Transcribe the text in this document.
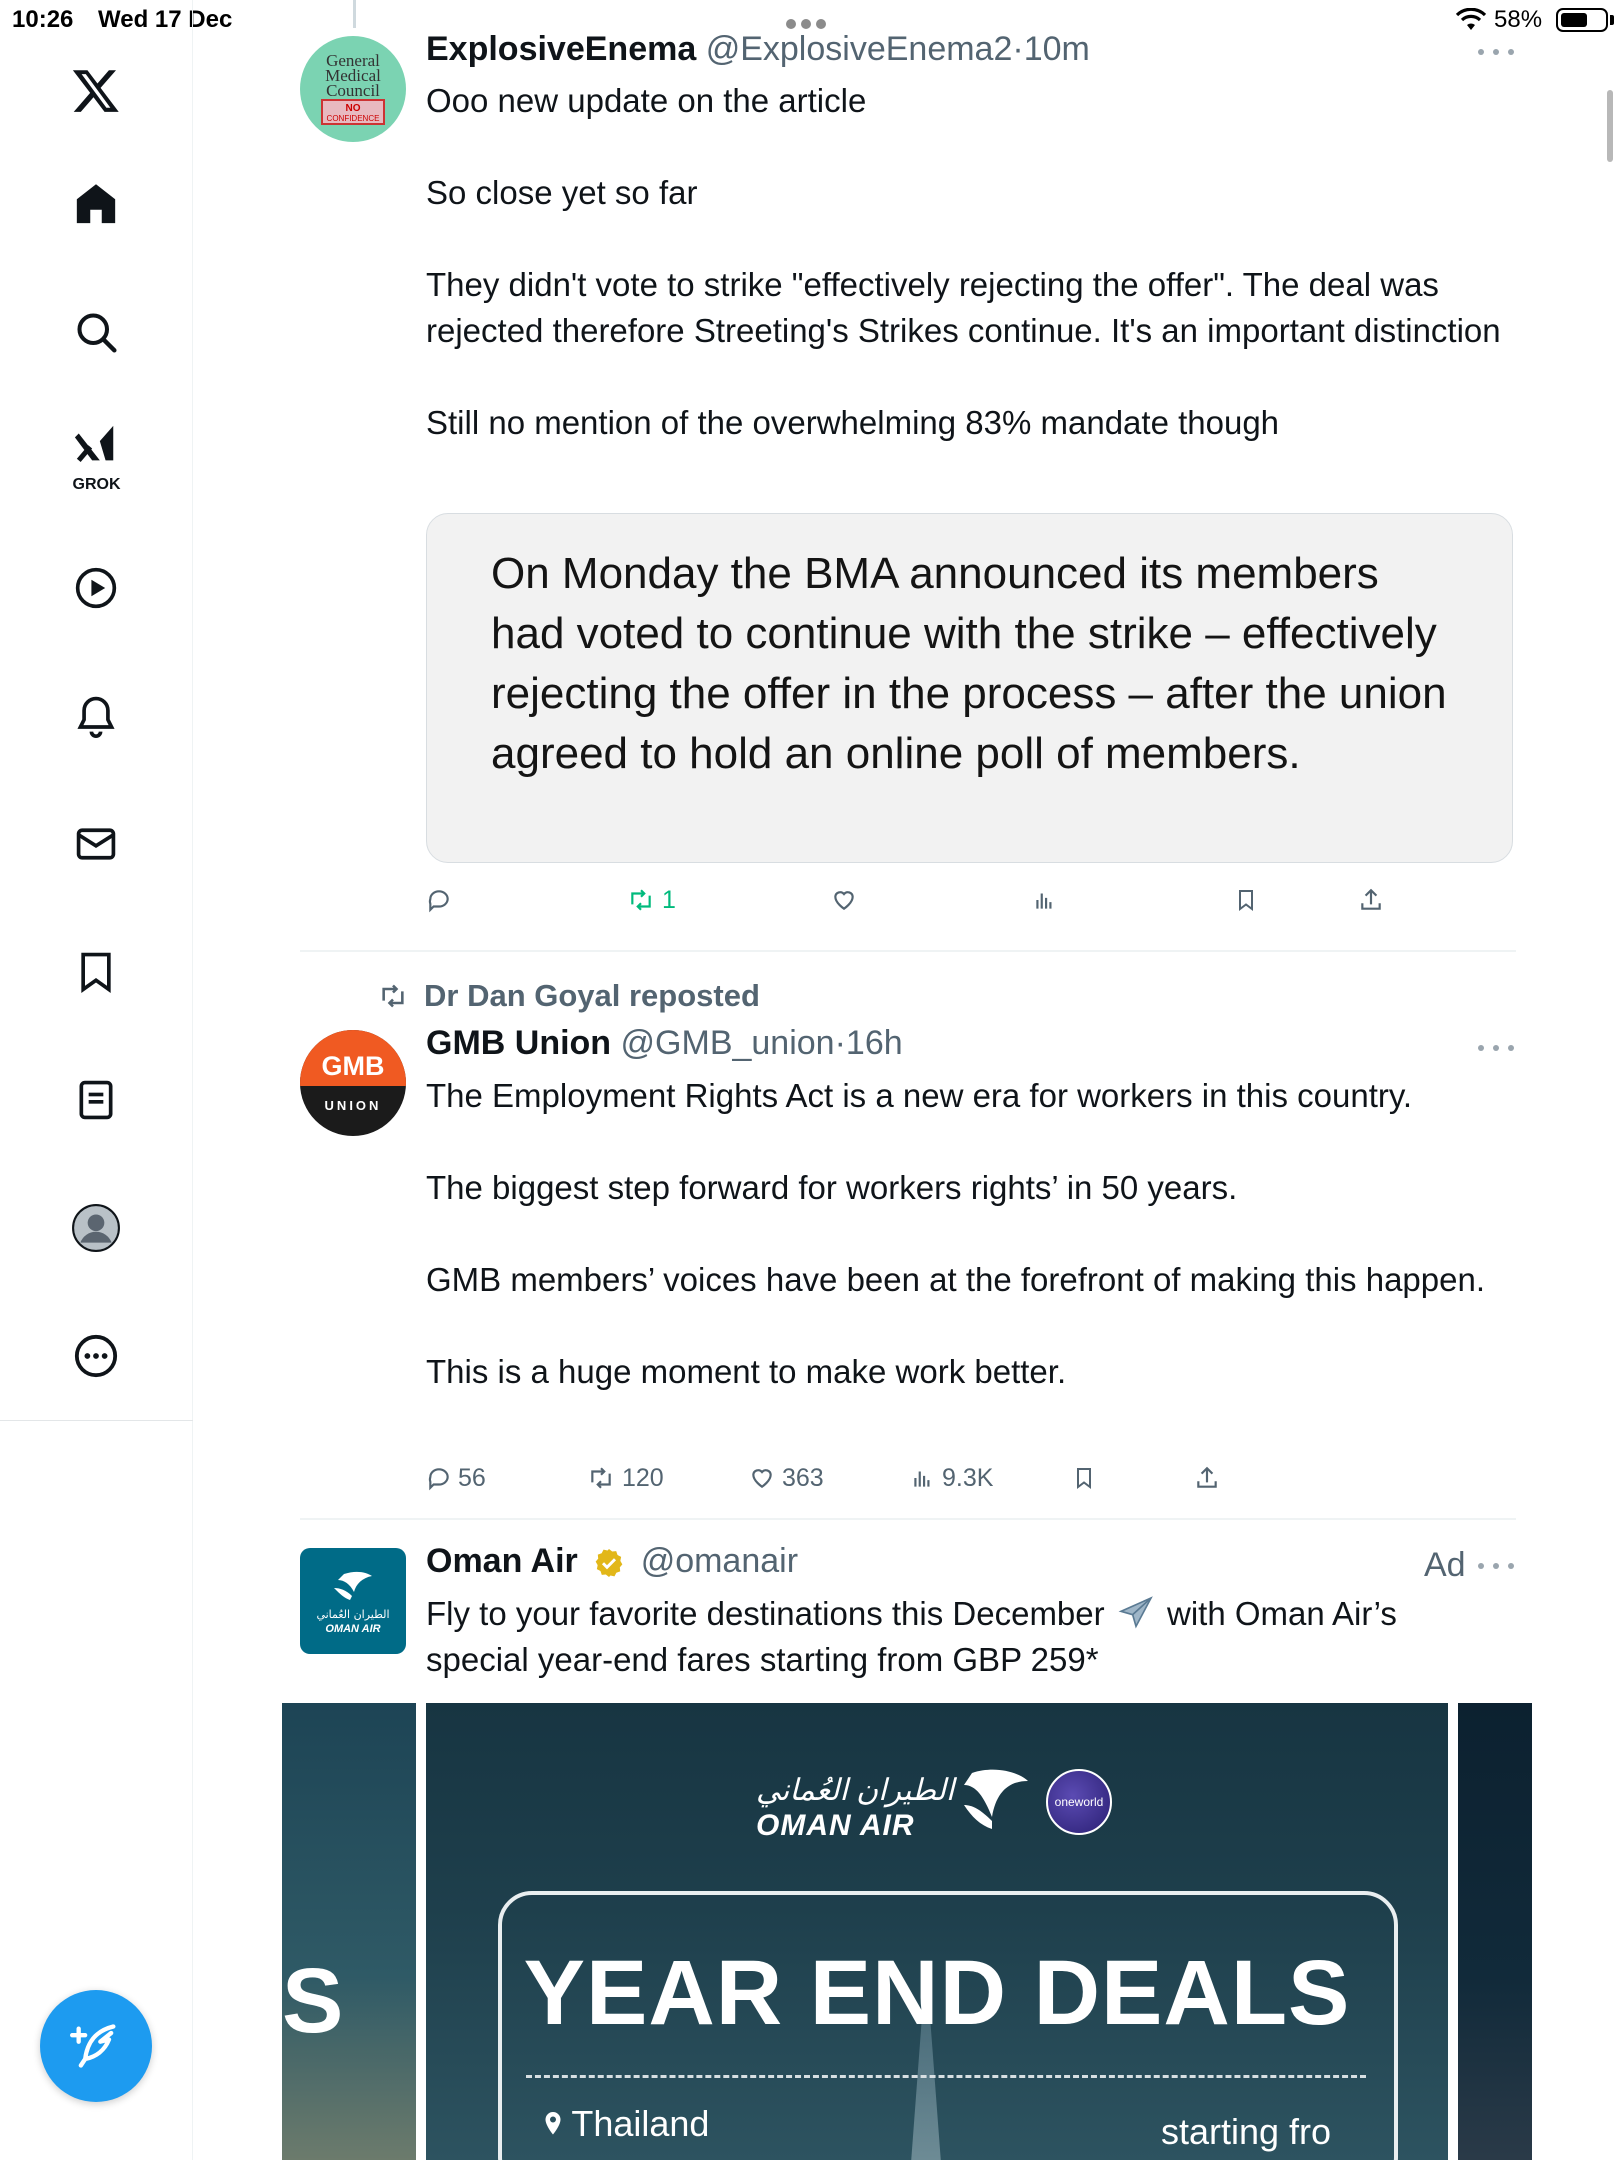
10:26 Wed 17 Dec	58%
GROK
General
Medical
Council
NO
CONFIDENCE
ExplosiveEnema @ExplosiveEnema2·10m

Ooo new update on the article

So close yet so far

They didn't vote to strike "effectively rejecting the offer". The deal was rejected therefore Streeting's Strikes continue. It's an important distinction

Still no mention of the overwhelming 83% mandate though

On Monday the BMA announced its members had voted to continue with the strike – effectively rejecting the offer in the process – after the union agreed to hold an online poll of members.
1
Dr Dan Goyal reposted
GMB
UNION
GMB Union @GMB_union·16h

The Employment Rights Act is a new era for workers in this country.

The biggest step forward for workers rights’ in 50 years.

GMB members’ voices have been at the forefront of making this happen.

This is a huge moment to make work better.

56	120	363	9.3K
الطيران العُماني
OMAN AIR
Oman Air @omanair	Ad
Fly to your favorite destinations this December with Oman Air’s special year-end fares starting from GBP 259*
S
الطيران العُماني
OMAN AIR
oneworld
YEAR END DEALS
Thailand	starting fro
